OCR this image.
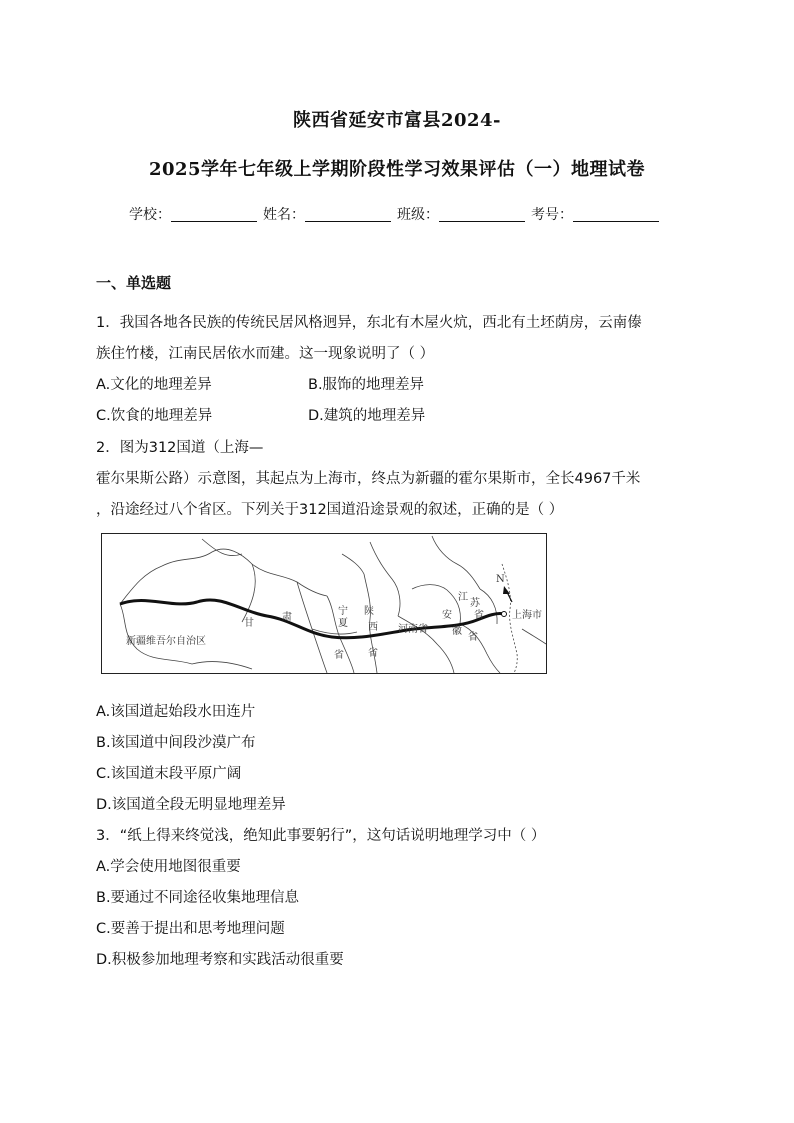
陕西省延安市富县2024-
2025学年七年级上学期阶段性学习效果评估（一）地理试卷
学校：	姓名：	班级：	考号：
一、单选题
1．我国各地各民族的传统民居风格迥异，东北有木屋火炕，西北有土坯荫房，云南傣
族住竹楼，江南民居依水而建。这一现象说明了（ ）
A.文化的地理差异	B.服饰的地理差异
C.饮食的地理差异	D.建筑的地理差异
2．图为312国道（上海—
霍尔果斯公路）示意图，其起点为上海市，终点为新疆的霍尔果斯市，全长4967千米
，沿途经过八个省区。下列关于312国道沿途景观的叙述，正确的是（ ）
N
新疆维吾尔自治区
甘
肃
省
宁
夏
陕
西
省
河南省
安
徽
省
江
苏
省	上海市
A.该国道起始段水田连片
B.该国道中间段沙漠广布
C.该国道末段平原广阔
D.该国道全段无明显地理差异
3．“纸上得来终觉浅，绝知此事要躬行”，这句话说明地理学习中（ ）
A.学会使用地图很重要
B.要通过不同途径收集地理信息
C.要善于提出和思考地理问题
D.积极参加地理考察和实践活动很重要
